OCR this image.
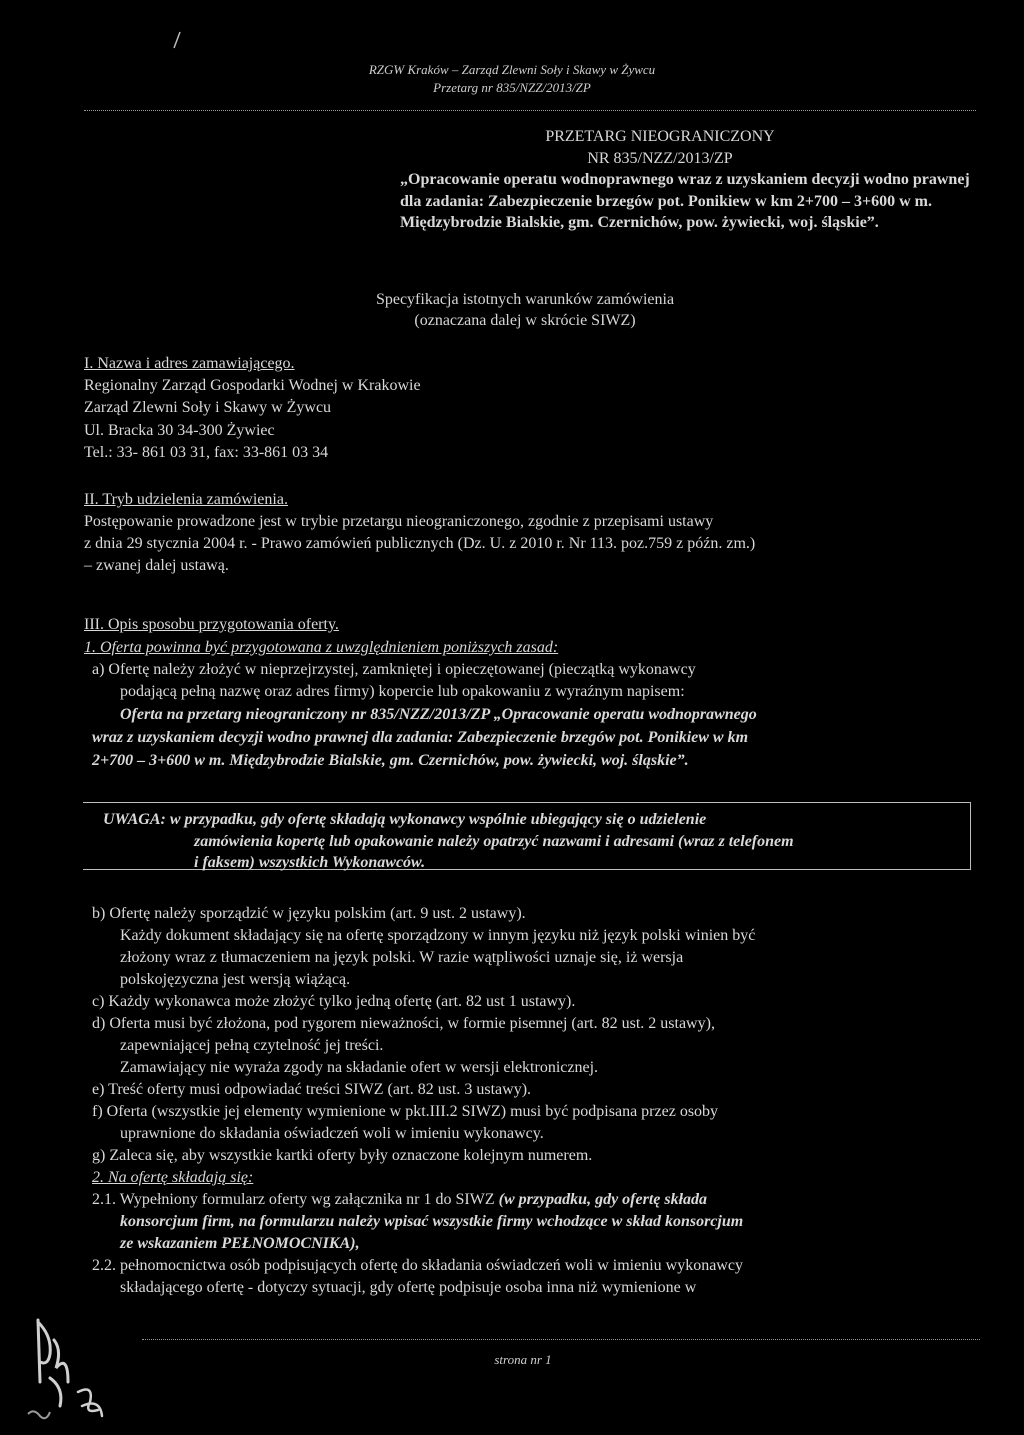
RZGW Kraków – Zarząd Zlewni Soły i Skawy w Żywcu
Przetarg nr 835/NZZ/2013/ZP
PRZETARG NIEOGRANICZONY
NR 835/NZZ/2013/ZP
„Opracowanie operatu wodnoprawnego wraz z uzyskaniem decyzji wodno prawnej dla zadania: Zabezpieczenie brzegów pot. Ponikiew w km 2+700 – 3+600 w m. Międzybrodzie Bialskie, gm. Czernichów, pow. żywiecki, woj. śląskie”.
Specyfikacja istotnych warunków zamówienia
(oznaczana dalej w skrócie SIWZ)
I. Nazwa i adres zamawiającego.
Regionalny Zarząd Gospodarki Wodnej w Krakowie
Zarząd Zlewni Soły i Skawy w Żywcu
Ul. Bracka 30 34-300 Żywiec
Tel.: 33- 861 03 31, fax: 33-861 03 34
II. Tryb udzielenia zamówienia.
Postępowanie prowadzone jest w trybie przetargu nieograniczonego, zgodnie z przepisami ustawy
z dnia 29 stycznia 2004 r. - Prawo zamówień publicznych (Dz. U. z 2010 r. Nr 113. poz.759 z późn. zm.)
– zwanej dalej ustawą.
III. Opis sposobu przygotowania oferty.
1. Oferta powinna być przygotowana z uwzględnieniem poniższych zasad:
a) Ofertę należy złożyć w nieprzejrzystej, zamkniętej i opieczętowanej (pieczątką wykonawcy
podającą pełną nazwę oraz adres firmy) kopercie lub opakowaniu z wyraźnym napisem:
Oferta na przetarg nieograniczony nr 835/NZZ/2013/ZP „Opracowanie operatu wodnoprawnego
wraz z uzyskaniem decyzji wodno prawnej dla zadania: Zabezpieczenie brzegów pot. Ponikiew w km
2+700 – 3+600 w m. Międzybrodzie Bialskie, gm. Czernichów, pow. żywiecki, woj. śląskie”.
UWAGA: w przypadku, gdy ofertę składają wykonawcy wspólnie ubiegający się o udzielenie
zamówienia kopertę lub opakowanie należy opatrzyć nazwami i adresami (wraz z telefonem
i faksem) wszystkich Wykonawców.
b) Ofertę należy sporządzić w języku polskim (art. 9 ust. 2 ustawy).
Każdy dokument składający się na ofertę sporządzony w innym języku niż język polski winien być
złożony wraz z tłumaczeniem na język polski. W razie wątpliwości uznaje się, iż wersja
polskojęzyczna jest wersją wiążącą.
c) Każdy wykonawca może złożyć tylko jedną ofertę (art. 82 ust 1 ustawy).
d) Oferta musi być złożona, pod rygorem nieważności, w formie pisemnej (art. 82 ust. 2 ustawy),
zapewniającej pełną czytelność jej treści.
Zamawiający nie wyraża zgody na składanie ofert w wersji elektronicznej.
e) Treść oferty musi odpowiadać treści SIWZ (art. 82 ust. 3 ustawy).
f) Oferta (wszystkie jej elementy wymienione w pkt.III.2 SIWZ) musi być podpisana przez osoby
uprawnione do składania oświadczeń woli w imieniu wykonawcy.
g) Zaleca się, aby wszystkie kartki oferty były oznaczone kolejnym numerem.
2. Na ofertę składają się:
2.1. Wypełniony formularz oferty wg załącznika nr 1 do SIWZ (w przypadku, gdy ofertę składa
konsorcjum firm, na formularzu należy wpisać wszystkie firmy wchodzące w skład konsorcjum
ze wskazaniem PEŁNOMOCNIKA),
2.2. pełnomocnictwa osób podpisujących ofertę do składania oświadczeń woli w imieniu wykonawcy
składającego ofertę - dotyczy sytuacji, gdy ofertę podpisuje osoba inna niż wymienione w
strona nr 1
